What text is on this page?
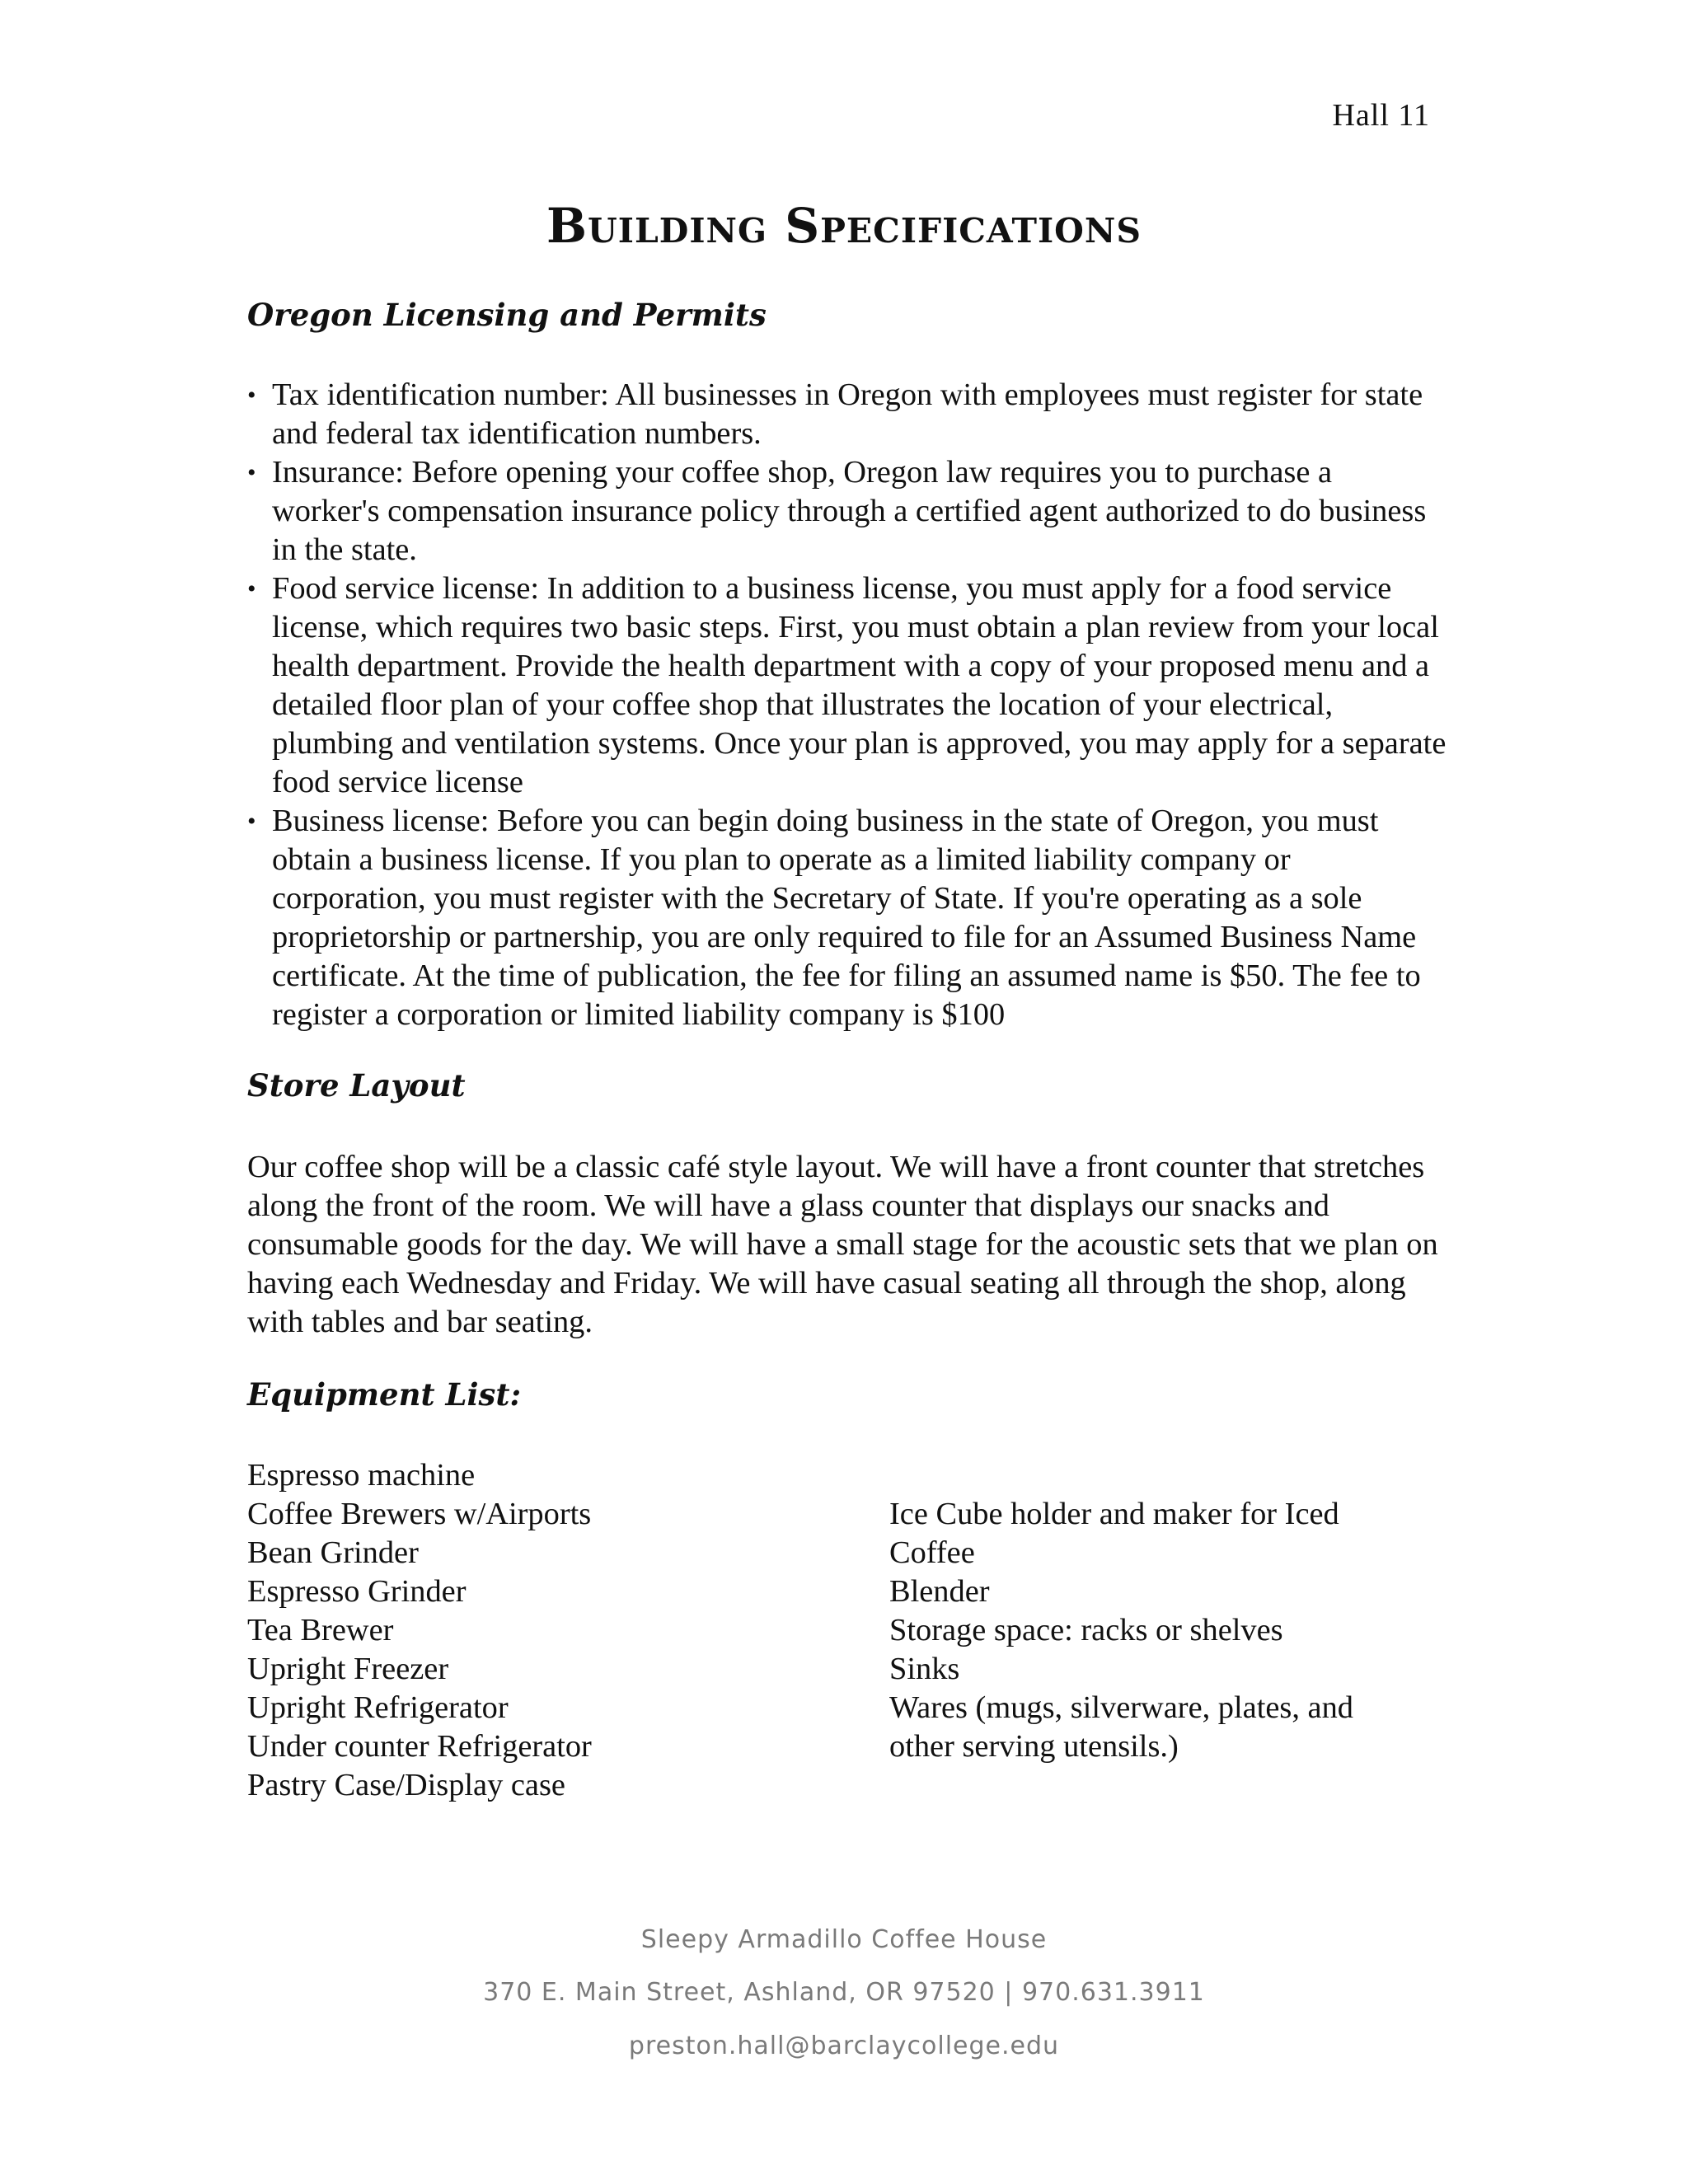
Hall 11
Building Specifications
Oregon Licensing and Permits
• Tax identification number: All businesses in Oregon with employees must register for state and federal tax identification numbers.
• Insurance: Before opening your coffee shop, Oregon law requires you to purchase a worker's compensation insurance policy through a certified agent authorized to do business in the state.
• Food service license: In addition to a business license, you must apply for a food service license, which requires two basic steps. First, you must obtain a plan review from your local health department. Provide the health department with a copy of your proposed menu and a detailed floor plan of your coffee shop that illustrates the location of your electrical, plumbing and ventilation systems. Once your plan is approved, you may apply for a separate food service license
• Business license: Before you can begin doing business in the state of Oregon, you must obtain a business license. If you plan to operate as a limited liability company or corporation, you must register with the Secretary of State. If you're operating as a sole proprietorship or partnership, you are only required to file for an Assumed Business Name certificate. At the time of publication, the fee for filing an assumed name is $50. The fee to register a corporation or limited liability company is $100
Store Layout

Our coffee shop will be a classic café style layout. We will have a front counter that stretches along the front of the room. We will have a glass counter that displays our snacks and consumable goods for the day. We will have a small stage for the acoustic sets that we plan on having each Wednesday and Friday. We will have casual seating all through the shop, along with tables and bar seating.

Equipment List:
Espresso machine
Coffee Brewers w/Airports
Bean Grinder
Espresso Grinder
Tea Brewer
Upright Freezer
Upright Refrigerator
Under counter Refrigerator
Pastry Case/Display case
Ice Cube holder and maker for Iced Coffee
Blender
Storage space: racks or shelves
Sinks
Wares (mugs, silverware, plates, and other serving utensils.)
Sleepy Armadillo Coffee House
370 E. Main Street, Ashland, OR 97520 | 970.631.3911
preston.hall@barclaycollege.edu
